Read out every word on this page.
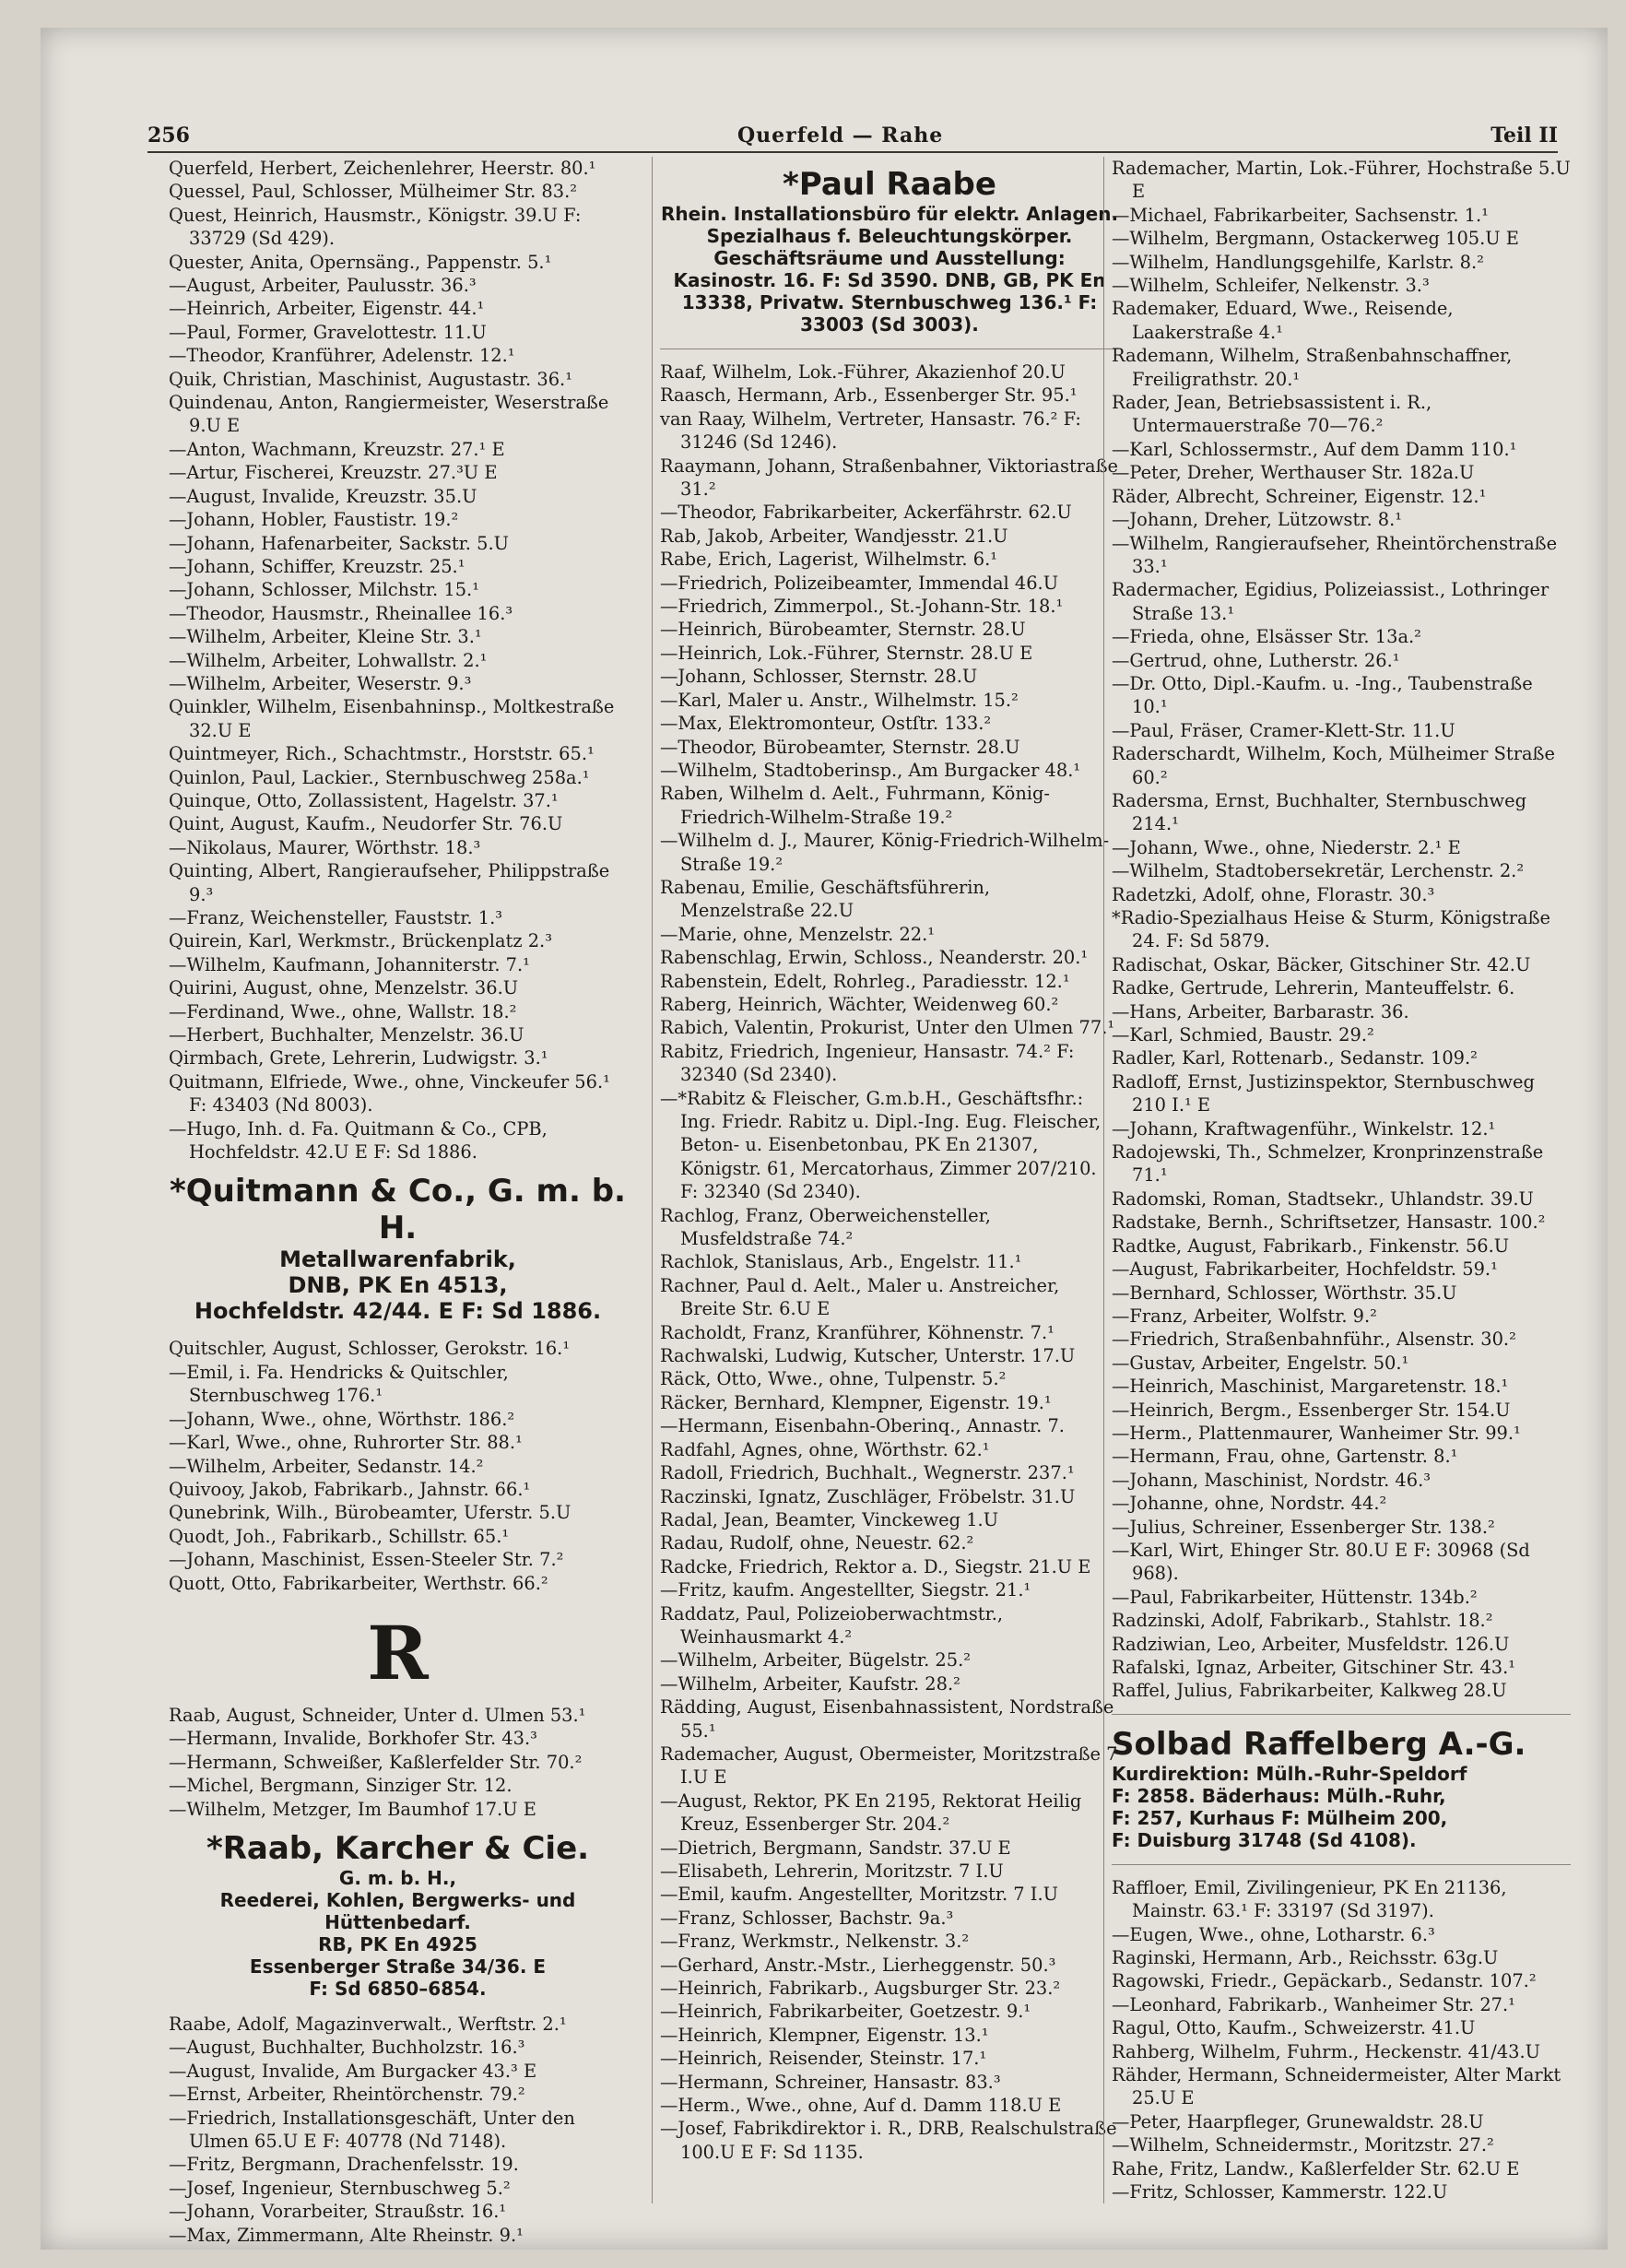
256	Querfeld — Rahe	Teil II

Querfeld, Herbert, Zeichenlehrer, Heerstr. 80.¹

Quessel, Paul, Schlosser, Mülheimer Str. 83.²

Quest, Heinrich, Hausmstr., Königstr. 39.U F: 33729 (Sd 429).

Quester, Anita, Opernsäng., Pappenstr. 5.¹

—August, Arbeiter, Paulusstr. 36.³

—Heinrich, Arbeiter, Eigenstr. 44.¹

—Paul, Former, Gravelottestr. 11.U

—Theodor, Kranführer, Adelenstr. 12.¹

Quik, Christian, Maschinist, Augustastr. 36.¹

Quindenau, Anton, Rangiermeister, Weserstraße 9.U E

—Anton, Wachmann, Kreuzstr. 27.¹ E

—Artur, Fischerei, Kreuzstr. 27.³U E

—August, Invalide, Kreuzstr. 35.U

—Johann, Hobler, Faustistr. 19.²

—Johann, Hafenarbeiter, Sackstr. 5.U

—Johann, Schiffer, Kreuzstr. 25.¹

—Johann, Schlosser, Milchstr. 15.¹

—Theodor, Hausmstr., Rheinallee 16.³

—Wilhelm, Arbeiter, Kleine Str. 3.¹

—Wilhelm, Arbeiter, Lohwallstr. 2.¹

—Wilhelm, Arbeiter, Weserstr. 9.³

Quinkler, Wilhelm, Eisenbahninsp., Moltkestraße 32.U E

Quintmeyer, Rich., Schachtmstr., Horststr. 65.¹

Quinlon, Paul, Lackier., Sternbuschweg 258a.¹

Quinque, Otto, Zollassistent, Hagelstr. 37.¹

Quint, August, Kaufm., Neudorfer Str. 76.U

—Nikolaus, Maurer, Wörthstr. 18.³

Quinting, Albert, Rangieraufseher, Philippstraße 9.³

—Franz, Weichensteller, Fauststr. 1.³

Quirein, Karl, Werkmstr., Brückenplatz 2.³

—Wilhelm, Kaufmann, Johanniterstr. 7.¹

Quirini, August, ohne, Menzelstr. 36.U

—Ferdinand, Wwe., ohne, Wallstr. 18.²

—Herbert, Buchhalter, Menzelstr. 36.U

Qirmbach, Grete, Lehrerin, Ludwigstr. 3.¹

Quitmann, Elfriede, Wwe., ohne, Vinckeufer 56.¹ F: 43403 (Nd 8003).

—Hugo, Inh. d. Fa. Quitmann & Co., CPB, Hochfeldstr. 42.U E F: Sd 1886.

*Quitmann & Co., G. m. b. H.
Metallwarenfabrik,
DNB, PK En 4513,
Hochfeldstr. 42/44. E F: Sd 1886.

Quitschler, August, Schlosser, Gerokstr. 16.¹

—Emil, i. Fa. Hendricks & Quitschler, Sternbuschweg 176.¹

—Johann, Wwe., ohne, Wörthstr. 186.²

—Karl, Wwe., ohne, Ruhrorter Str. 88.¹

—Wilhelm, Arbeiter, Sedanstr. 14.²

Quivooy, Jakob, Fabrikarb., Jahnstr. 66.¹

Qunebrink, Wilh., Bürobeamter, Uferstr. 5.U

Quodt, Joh., Fabrikarb., Schillstr. 65.¹

—Johann, Maschinist, Essen-Steeler Str. 7.²

Quott, Otto, Fabrikarbeiter, Werthstr. 66.²

R

Raab, August, Schneider, Unter d. Ulmen 53.¹

—Hermann, Invalide, Borkhofer Str. 43.³

—Hermann, Schweißer, Kaßlerfelder Str. 70.²

—Michel, Bergmann, Sinziger Str. 12.

—Wilhelm, Metzger, Im Baumhof 17.U E

*Raab, Karcher & Cie.
G. m. b. H.,
Reederei, Kohlen, Bergwerks- und Hüttenbedarf.
RB, PK En 4925
Essenberger Straße 34/36. E
F: Sd 6850–6854.

Raabe, Adolf, Magazinverwalt., Werftstr. 2.¹

—August, Buchhalter, Buchholzstr. 16.³

—August, Invalide, Am Burgacker 43.³ E

—Ernst, Arbeiter, Rheintörchenstr. 79.²

—Friedrich, Installationsgeschäft, Unter den Ulmen 65.U E F: 40778 (Nd 7148).

—Fritz, Bergmann, Drachenfelsstr. 19.

—Josef, Ingenieur, Sternbuschweg 5.²

—Johann, Vorarbeiter, Straußstr. 16.¹

—Max, Zimmermann, Alte Rheinstr. 9.¹

*Paul Raabe
Rhein. Installationsbüro für elektr. Anlagen.
Spezialhaus f. Beleuchtungskörper.
Geschäftsräume und Ausstellung:
Kasinostr. 16. F: Sd 3590. DNB, GB, PK En 13338, Privatw. Sternbuschweg 136.¹ F: 33003 (Sd 3003).

Raaf, Wilhelm, Lok.-Führer, Akazienhof 20.U

Raasch, Hermann, Arb., Essenberger Str. 95.¹

van Raay, Wilhelm, Vertreter, Hansastr. 76.² F: 31246 (Sd 1246).

Raaymann, Johann, Straßenbahner, Viktoriastraße 31.²

—Theodor, Fabrikarbeiter, Ackerfährstr. 62.U

Rab, Jakob, Arbeiter, Wandjesstr. 21.U

Rabe, Erich, Lagerist, Wilhelmstr. 6.¹

—Friedrich, Polizeibeamter, Immendal 46.U

—Friedrich, Zimmerpol., St.-Johann-Str. 18.¹

—Heinrich, Bürobeamter, Sternstr. 28.U

—Heinrich, Lok.-Führer, Sternstr. 28.U E

—Johann, Schlosser, Sternstr. 28.U

—Karl, Maler u. Anstr., Wilhelmstr. 15.²

—Max, Elektromonteur, Ostſtr. 133.²

—Theodor, Bürobeamter, Sternstr. 28.U

—Wilhelm, Stadtoberinsp., Am Burgacker 48.¹

Raben, Wilhelm d. Aelt., Fuhrmann, König-Friedrich-Wilhelm-Straße 19.²

—Wilhelm d. J., Maurer, König-Friedrich-Wilhelm-Straße 19.²

Rabenau, Emilie, Geschäftsführerin, Menzelstraße 22.U

—Marie, ohne, Menzelstr. 22.¹

Rabenschlag, Erwin, Schloss., Neanderstr. 20.¹

Rabenstein, Edelt, Rohrleg., Paradiesstr. 12.¹

Raberg, Heinrich, Wächter, Weidenweg 60.²

Rabich, Valentin, Prokurist, Unter den Ulmen 77.¹

Rabitz, Friedrich, Ingenieur, Hansastr. 74.² F: 32340 (Sd 2340).

—*Rabitz & Fleischer, G.m.b.H., Geschäftsfhr.: Ing. Friedr. Rabitz u. Dipl.-Ing. Eug. Fleischer, Beton- u. Eisenbetonbau, PK En 21307, Königstr. 61, Mercatorhaus, Zimmer 207/210. F: 32340 (Sd 2340).

Rachlog, Franz, Oberweichensteller, Musfeldstraße 74.²

Rachlok, Stanislaus, Arb., Engelstr. 11.¹

Rachner, Paul d. Aelt., Maler u. Anstreicher, Breite Str. 6.U E

Racholdt, Franz, Kranführer, Köhnenstr. 7.¹

Rachwalski, Ludwig, Kutscher, Unterstr. 17.U

Räck, Otto, Wwe., ohne, Tulpenstr. 5.²

Räcker, Bernhard, Klempner, Eigenstr. 19.¹

—Hermann, Eisenbahn-Oberinq., Annastr. 7.

Radfahl, Agnes, ohne, Wörthstr. 62.¹

Radoll, Friedrich, Buchhalt., Wegnerstr. 237.¹

Raczinski, Ignatz, Zuschläger, Fröbelstr. 31.U

Radal, Jean, Beamter, Vinckeweg 1.U

Radau, Rudolf, ohne, Neuestr. 62.²

Radcke, Friedrich, Rektor a. D., Siegstr. 21.U E

—Fritz, kaufm. Angestellter, Siegstr. 21.¹

Raddatz, Paul, Polizeioberwachtmstr., Weinhausmarkt 4.²

—Wilhelm, Arbeiter, Bügelstr. 25.²

—Wilhelm, Arbeiter, Kaufstr. 28.²

Rädding, August, Eisenbahnassistent, Nordstraße 55.¹

Rademacher, August, Obermeister, Moritzstraße 7 I.U E

—August, Rektor, PK En 2195, Rektorat Heilig Kreuz, Essenberger Str. 204.²

—Dietrich, Bergmann, Sandstr. 37.U E

—Elisabeth, Lehrerin, Moritzstr. 7 I.U

—Emil, kaufm. Angestellter, Moritzstr. 7 I.U

—Franz, Schlosser, Bachstr. 9a.³

—Franz, Werkmstr., Nelkenstr. 3.²

—Gerhard, Anstr.-Mstr., Lierheggenstr. 50.³

—Heinrich, Fabrikarb., Augsburger Str. 23.²

—Heinrich, Fabrikarbeiter, Goetzestr. 9.¹

—Heinrich, Klempner, Eigenstr. 13.¹

—Heinrich, Reisender, Steinstr. 17.¹

—Hermann, Schreiner, Hansastr. 83.³

—Herm., Wwe., ohne, Auf d. Damm 118.U E

—Josef, Fabrikdirektor i. R., DRB, Realschulstraße 100.U E F: Sd 1135.

Rademacher, Martin, Lok.-Führer, Hochstraße 5.U E

—Michael, Fabrikarbeiter, Sachsenstr. 1.¹

—Wilhelm, Bergmann, Ostackerweg 105.U E

—Wilhelm, Handlungsgehilfe, Karlstr. 8.²

—Wilhelm, Schleifer, Nelkenstr. 3.³

Rademaker, Eduard, Wwe., Reisende, Laakerstraße 4.¹

Rademann, Wilhelm, Straßenbahnschaffner, Freiligrathstr. 20.¹

Rader, Jean, Betriebsassistent i. R., Untermauerstraße 70—76.²

—Karl, Schlossermstr., Auf dem Damm 110.¹

—Peter, Dreher, Werthauser Str. 182a.U

Räder, Albrecht, Schreiner, Eigenstr. 12.¹

—Johann, Dreher, Lützowstr. 8.¹

—Wilhelm, Rangieraufseher, Rheintörchenstraße 33.¹

Radermacher, Egidius, Polizeiassist., Lothringer Straße 13.¹

—Frieda, ohne, Elsässer Str. 13a.²

—Gertrud, ohne, Lutherstr. 26.¹

—Dr. Otto, Dipl.-Kaufm. u. -Ing., Taubenstraße 10.¹

—Paul, Fräser, Cramer-Klett-Str. 11.U

Radersch​ardt, Wilhelm, Koch, Mülheimer Straße 60.²

Radersma, Ernst, Buchhalter, Sternbuschweg 214.¹

—Johann, Wwe., ohne, Niederstr. 2.¹ E

—Wilhelm, Stadtobersekretär, Lerchenstr. 2.²

Radetzki, Adolf, ohne, Florastr. 30.³

*Radio-Spezialhaus Heise & Sturm, Königstraße 24. F: Sd 5879.

Radischat, Oskar, Bäcker, Gitschiner Str. 42.U

Radke, Gertrude, Lehrerin, Manteuffelstr. 6.

—Hans, Arbeiter, Barbarastr. 36.

—Karl, Schmied, Baustr. 29.²

Radler, Karl, Rottenarb., Sedanstr. 109.²

Radloff, Ernst, Justizinspektor, Sternbuschweg 210 I.¹ E

—Johann, Kraftwagenführ., Winkelstr. 12.¹

Radojewski, Th., Schmelzer, Kronprinzenstraße 71.¹

Radomski, Roman, Stadtsekr., Uhlandstr. 39.U

Radstake, Bernh., Schriftsetzer, Hansastr. 100.²

Radtke, August, Fabrikarb., Finkenstr. 56.U

—August, Fabrikarbeiter, Hochfeldstr. 59.¹

—Bernhard, Schlosser, Wörthstr. 35.U

—Franz, Arbeiter, Wolfstr. 9.²

—Friedrich, Straßenbahnführ., Alsenstr. 30.²

—Gustav, Arbeiter, Engelstr. 50.¹

—Heinrich, Maschinist, Margaretenstr. 18.¹

—Heinrich, Bergm., Essenberger Str. 154.U

—Herm., Plattenmaurer, Wanheimer Str. 99.¹

—Hermann, Frau, ohne, Gartenstr. 8.¹

—Johann, Maschinist, Nordstr. 46.³

—Johanne, ohne, Nordstr. 44.²

—Julius, Schreiner, Essenberger Str. 138.²

—Karl, Wirt, Ehinger Str. 80.U E F: 30968 (Sd 968).

—Paul, Fabrikarbeiter, Hüttenstr. 134b.²

Radzinski, Adolf, Fabrikarb., Stahlstr. 18.²

Radziwian, Leo, Arbeiter, Musfeldstr. 126.U

Rafalski, Ignaz, Arbeiter, Gitschiner Str. 43.¹

Raffel, Julius, Fabrikarbeiter, Kalkweg 28.U

Solbad Raffelberg A.-G.
Kurdirektion: Mülh.-Ruhr-Speldorf
F: 2858. Bäderhaus: Mülh.-Ruhr,
F: 257, Kurhaus F: Mülheim 200,
F: Duisburg 31748 (Sd 4108).

Raffloer, Emil, Zivilingenieur, PK En 21136, Mainstr. 63.¹ F: 33197 (Sd 3197).

—Eugen, Wwe., ohne, Lotharstr. 6.³

Raginski, Hermann, Arb., Reichsstr. 63g.U

Ragowski, Friedr., Gepäckarb., Sedanstr. 107.²

—Leonhard, Fabrikarb., Wanheimer Str. 27.¹

Ragul, Otto, Kaufm., Schweizerstr. 41.U

Rahberg, Wilhelm, Fuhrm., Heckenstr. 41/43.U

Rähder, Hermann, Schneidermeister, Alter Markt 25.U E

—Peter, Haarpfleger, Grunewaldstr. 28.U

—Wilhelm, Schneidermstr., Moritzstr. 27.²

Rahe, Fritz, Landw., Kaßlerfelder Str. 62.U E

—Fritz, Schlosser, Kammerstr. 122.U
